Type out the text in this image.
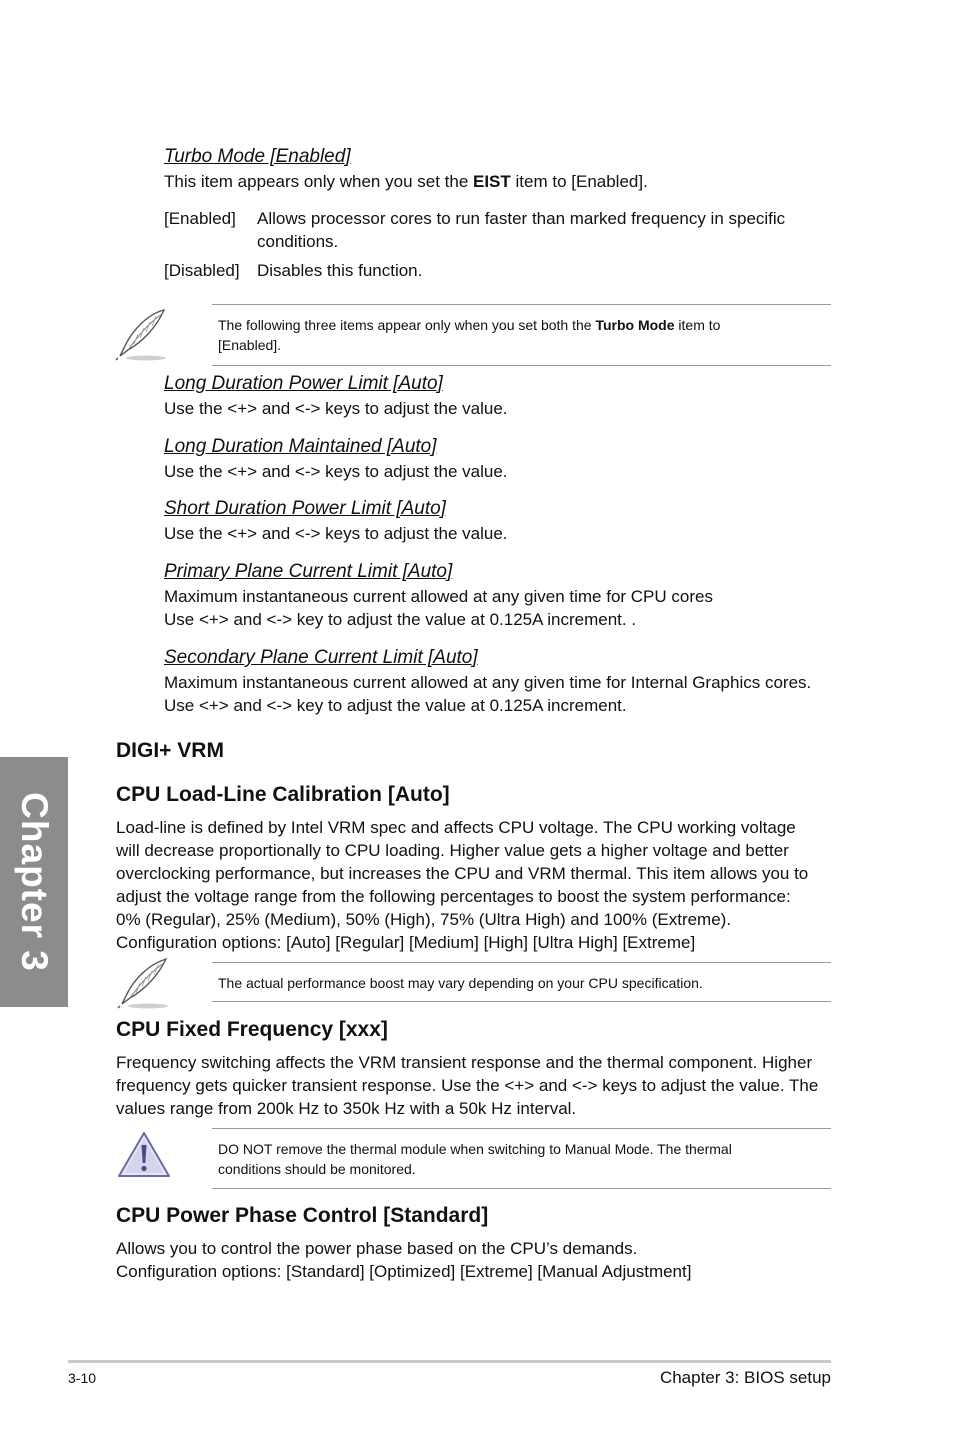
Turbo Mode [Enabled]
This item appears only when you set the EIST item to [Enabled].
[Enabled] Allows processor cores to run faster than marked frequency in specific
conditions.
[Disabled] Disables this function.
The following three items appear only when you set both the Turbo Mode item to
[Enabled].
Long Duration Power Limit [Auto]
Use the <+> and <-> keys to adjust the value.
Long Duration Maintained [Auto]
Use the <+> and <-> keys to adjust the value.
Short Duration Power Limit [Auto]
Use the <+> and <-> keys to adjust the value.
Primary Plane Current Limit [Auto]
Maximum instantaneous current allowed at any given time for CPU cores
Use <+> and <-> key to adjust the value at 0.125A increment. .
Secondary Plane Current Limit [Auto]
Maximum instantaneous current allowed at any given time for Internal Graphics cores.
Use <+> and <-> key to adjust the value at 0.125A increment.
Chapter 3
DIGI+ VRM
CPU Load-Line Calibration [Auto]
Load-line is defined by Intel VRM spec and affects CPU voltage. The CPU working voltage
will decrease proportionally to CPU loading. Higher value gets a higher voltage and better
overclocking performance, but increases the CPU and VRM thermal. This item allows you to
adjust the voltage range from the following percentages to boost the system performance:
0% (Regular), 25% (Medium), 50% (High), 75% (Ultra High) and 100% (Extreme).
Configuration options: [Auto] [Regular] [Medium] [High] [Ultra High] [Extreme]
The actual performance boost may vary depending on your CPU specification.
CPU Fixed Frequency [xxx]
Frequency switching affects the VRM transient response and the thermal component. Higher
frequency gets quicker transient response. Use the <+> and <-> keys to adjust the value. The
values range from 200k Hz to 350k Hz with a 50k Hz interval.
DO NOT remove the thermal module when switching to Manual Mode. The thermal
conditions should be monitored.
CPU Power Phase Control [Standard]
Allows you to control the power phase based on the CPU’s demands.
Configuration options: [Standard] [Optimized] [Extreme] [Manual Adjustment]
3-10	Chapter 3: BIOS setup
